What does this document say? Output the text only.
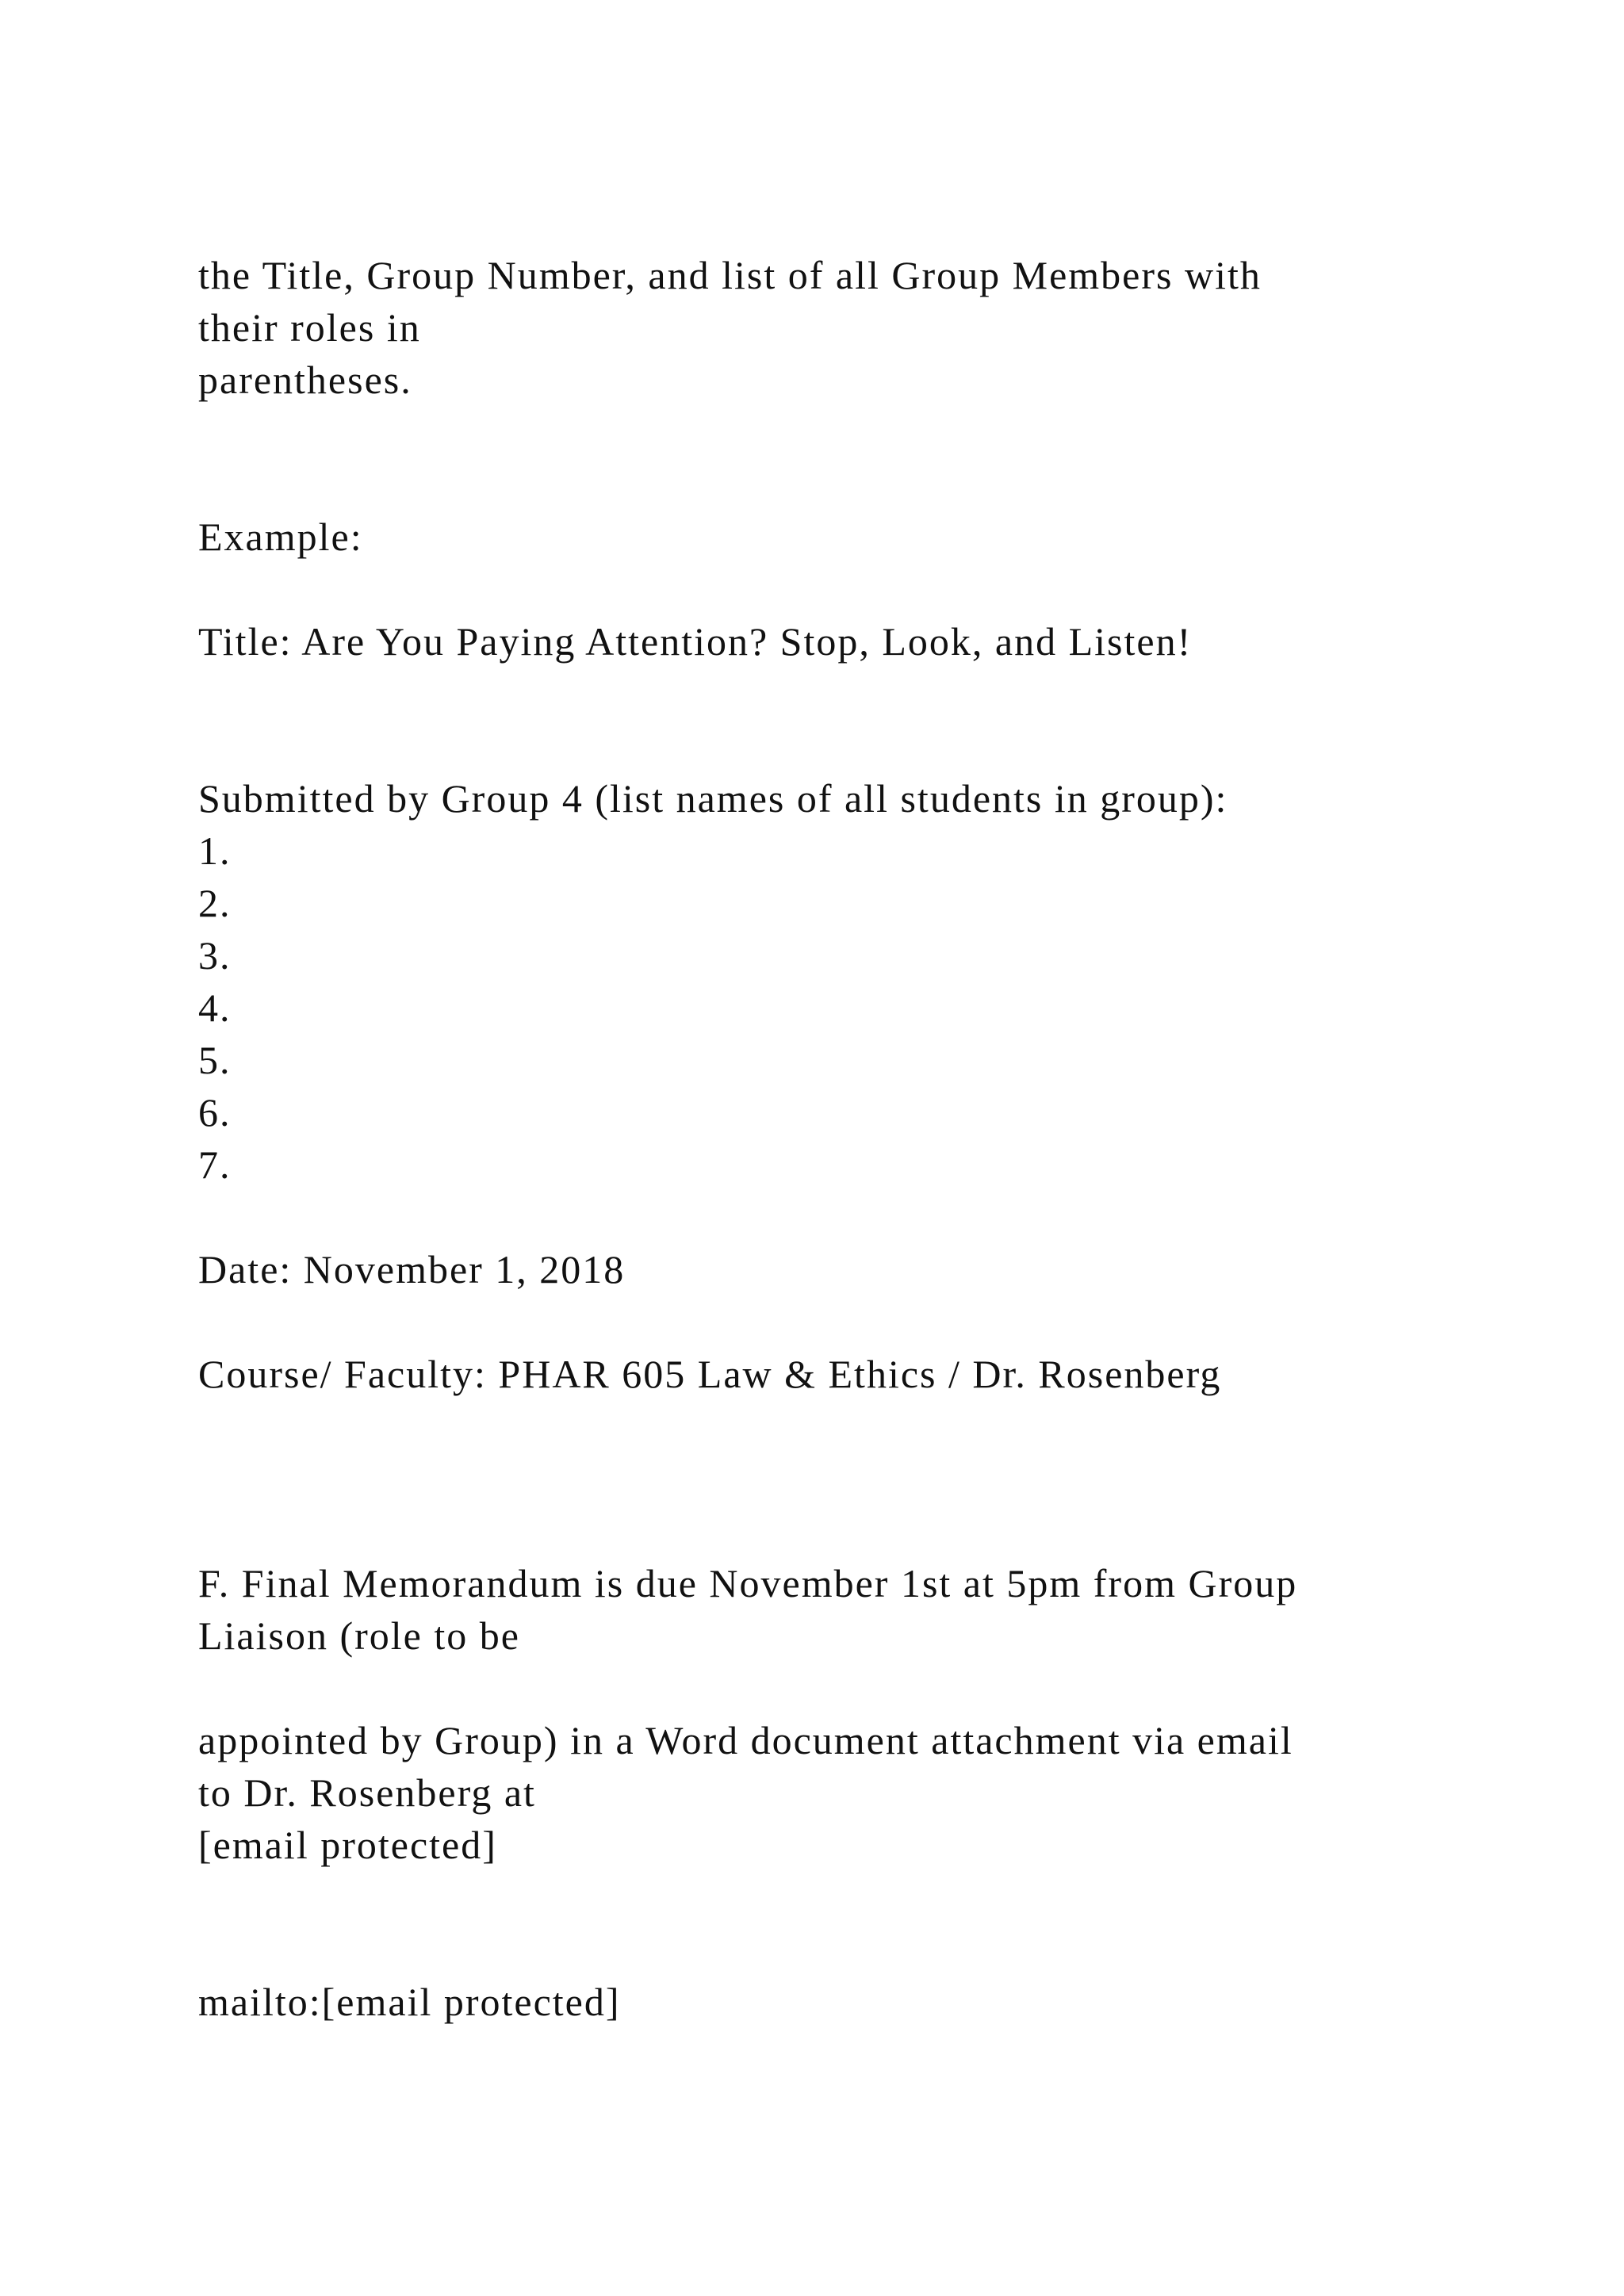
the Title, Group Number, and list of all Group Members with
their roles in
parentheses.
Example:
Title: Are You Paying Attention? Stop, Look, and Listen!
Submitted by Group 4 (list names of all students in group):
1.
2.
3.
4.
5.
6.
7.
Date: November 1, 2018
Course/ Faculty: PHAR 605 Law & Ethics / Dr. Rosenberg
F. Final Memorandum is due November 1st at 5pm from Group
Liaison (role to be
appointed by Group) in a Word document attachment via email
to Dr. Rosenberg at
[email protected]
mailto:[email protected]
